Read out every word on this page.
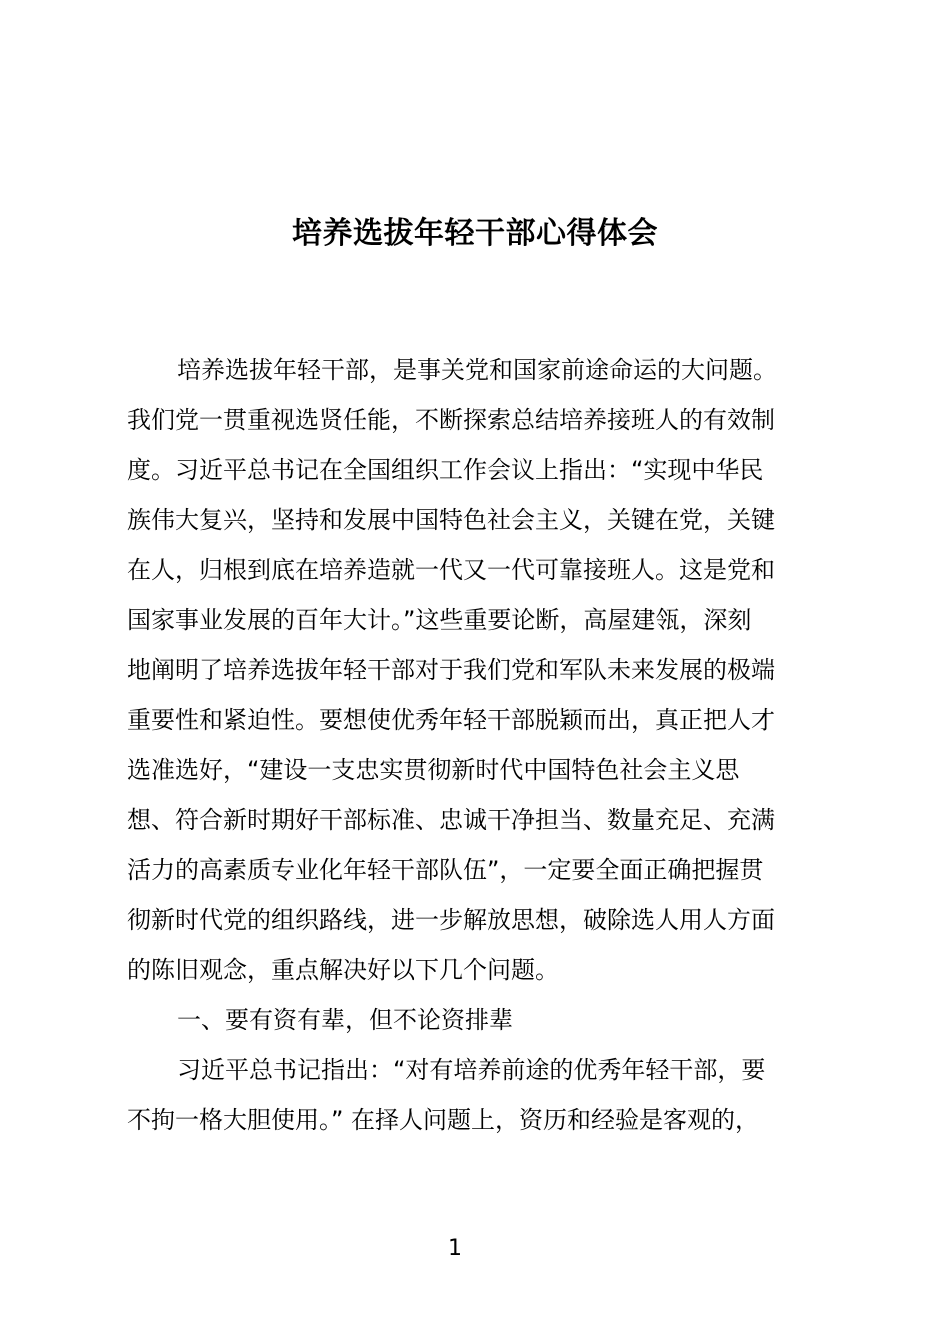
培养选拔年轻干部心得体会

培养选拔年轻干部，是事关党和国家前途命运的大问题。

我们党一贯重视选贤任能，不断探索总结培养接班人的有效制

度。习近平总书记在全国组织工作会议上指出：“实现中华民

族伟大复兴，坚持和发展中国特色社会主义，关键在党，关键

在人，归根到底在培养造就一代又一代可靠接班人。这是党和

国家事业发展的百年大计。”这些重要论断，高屋建瓴，深刻

地阐明了培养选拔年轻干部对于我们党和军队未来发展的极端

重要性和紧迫性。要想使优秀年轻干部脱颖而出，真正把人才

选准选好，“建设一支忠实贯彻新时代中国特色社会主义思

想、符合新时期好干部标准、忠诚干净担当、数量充足、充满

活力的高素质专业化年轻干部队伍”，一定要全面正确把握贯

彻新时代党的组织路线，进一步解放思想，破除选人用人方面

的陈旧观念，重点解决好以下几个问题。

一、要有资有辈，但不论资排辈

习近平总书记指出：“对有培养前途的优秀年轻干部，要

不拘一格大胆使用。” 在择人问题上，资历和经验是客观的，

1
